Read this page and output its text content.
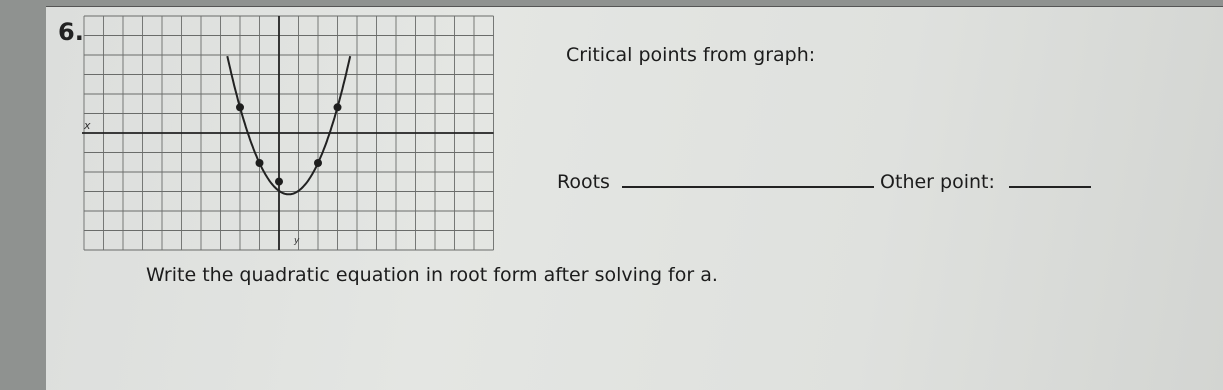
6.
x
y
Critical points from graph:
Roots	Other point:
Write the quadratic equation in root form after solving for a.
